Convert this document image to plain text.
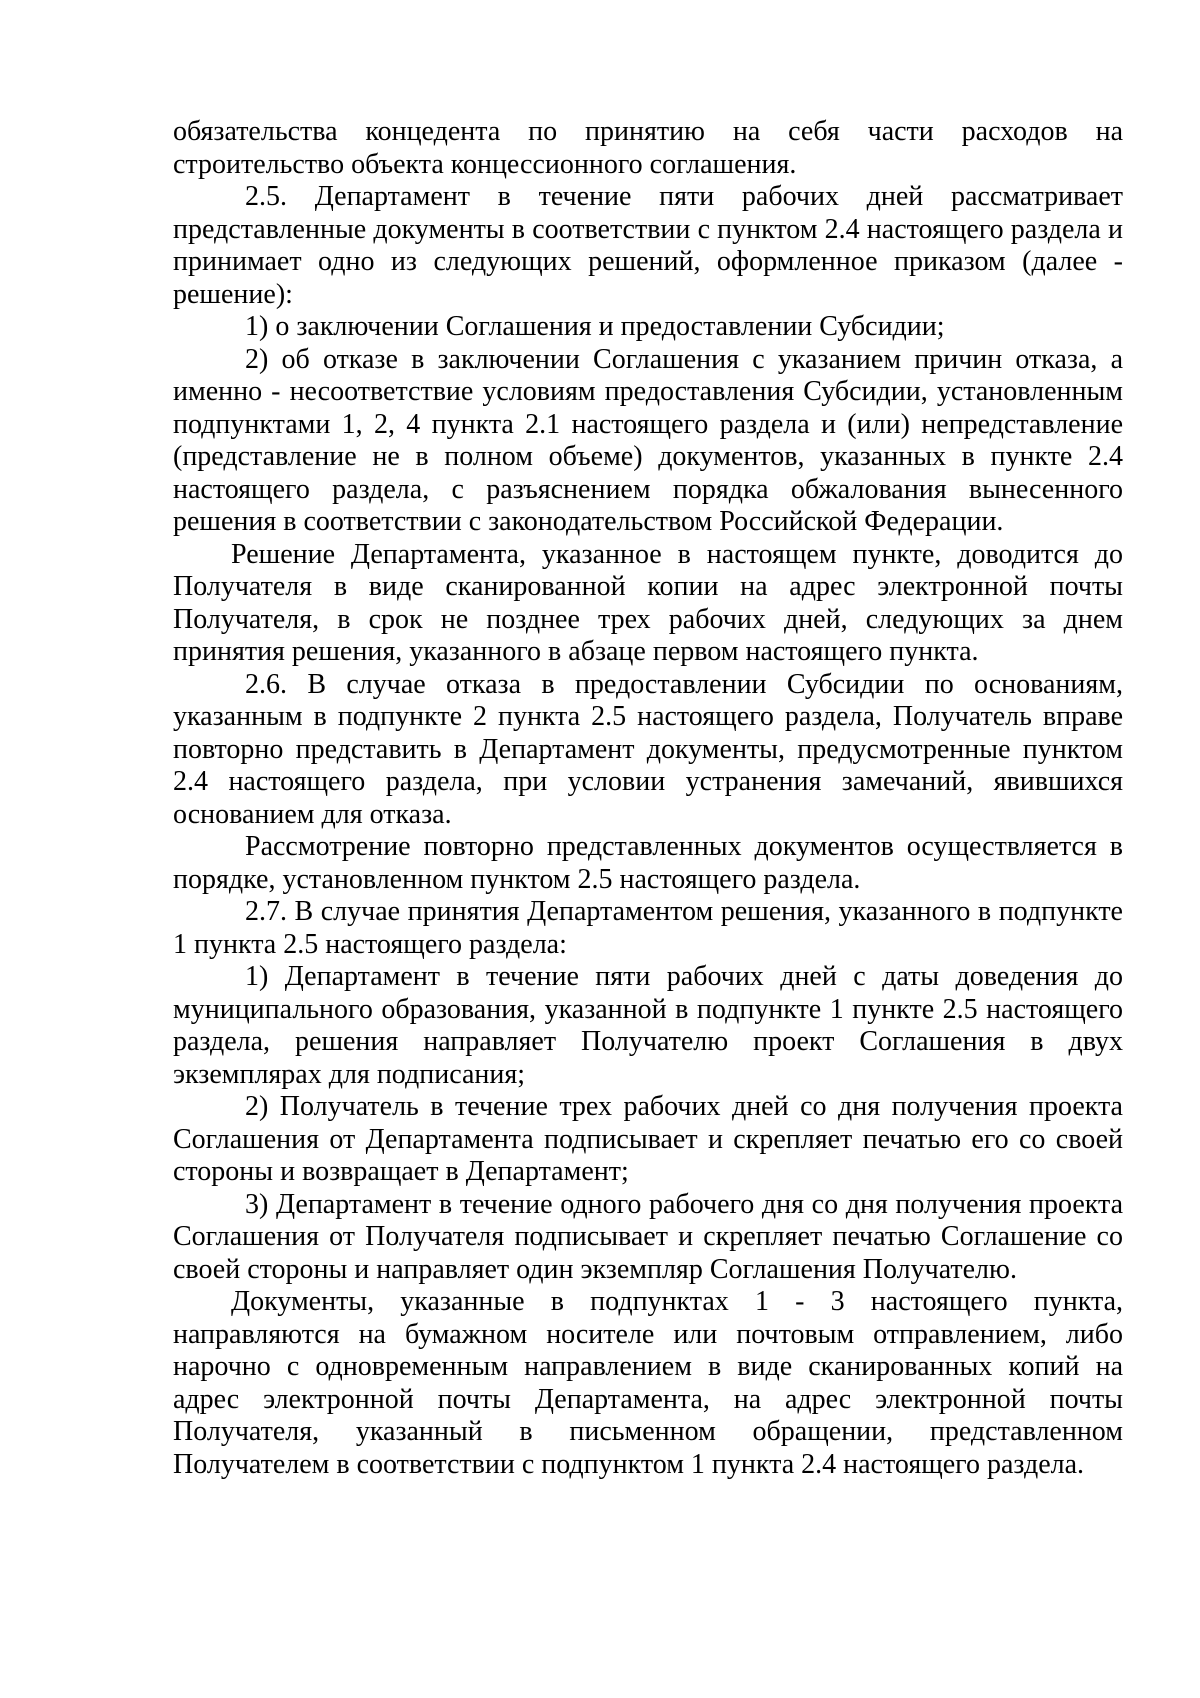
обязательства концедента по принятию на себя части расходов на строительство объекта концессионного соглашения.

2.5. Департамент в течение пяти рабочих дней рассматривает представленные документы в соответствии с пунктом 2.4 настоящего раздела и принимает одно из следующих решений, оформленное приказом (далее - решение):

1) о заключении Соглашения и предоставлении Субсидии;

2) об отказе в заключении Соглашения с указанием причин отказа, а именно - несоответствие условиям предоставления Субсидии, установленным подпунктами 1, 2, 4 пункта 2.1 настоящего раздела и (или) непредставление (представление не в полном объеме) документов, указанных в пункте 2.4 настоящего раздела, с разъяснением порядка обжалования вынесенного решения в соответствии с законодательством Российской Федерации.

Решение Департамента, указанное в настоящем пункте, доводится до Получателя в виде сканированной копии на адрес электронной почты Получателя, в срок не позднее трех рабочих дней, следующих за днем принятия решения, указанного в абзаце первом настоящего пункта.

2.6. В случае отказа в предоставлении Субсидии по основаниям, указанным в подпункте 2 пункта 2.5 настоящего раздела, Получатель вправе повторно представить в Департамент документы, предусмотренные пунктом 2.4 настоящего раздела, при условии устранения замечаний, явившихся основанием для отказа.

Рассмотрение повторно представленных документов осуществляется в порядке, установленном пунктом 2.5 настоящего раздела.

2.7. В случае принятия Департаментом решения, указанного в подпункте 1 пункта 2.5 настоящего раздела:

1) Департамент в течение пяти рабочих дней с даты доведения до муниципального образования, указанной в подпункте 1 пункте 2.5 настоящего раздела, решения направляет Получателю проект Соглашения в двух экземплярах для подписания;

2) Получатель в течение трех рабочих дней со дня получения проекта Соглашения от Департамента подписывает и скрепляет печатью его со своей стороны и возвращает в Департамент;

3) Департамент в течение одного рабочего дня со дня получения проекта Соглашения от Получателя подписывает и скрепляет печатью Соглашение со своей стороны и направляет один экземпляр Соглашения Получателю.

Документы, указанные в подпунктах 1 - 3 настоящего пункта, направляются на бумажном носителе или почтовым отправлением, либо нарочно с одновременным направлением в виде сканированных копий на адрес электронной почты Департамента, на адрес электронной почты Получателя, указанный в письменном обращении, представленном Получателем в соответствии с подпунктом 1 пункта 2.4 настоящего раздела.
